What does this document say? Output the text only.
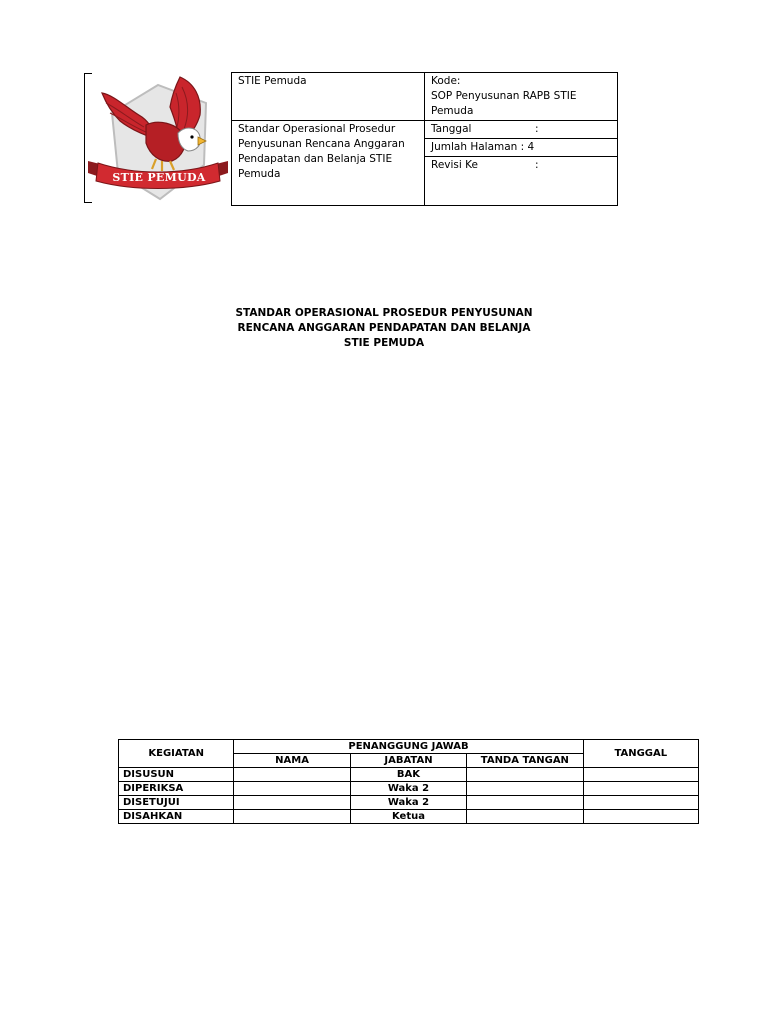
STIE PEMUDA
STIE Pemuda	Kode:
SOP Penyusunan RAPB STIE Pemuda

Standar Operasional Prosedur Penyusunan Rencana Anggaran Pendapatan dan Belanja STIE Pemuda	Tanggal :

	Jumlah Halaman : 4

	Revisi Ke :
STANDAR OPERASIONAL PROSEDUR PENYUSUNAN
RENCANA ANGGARAN PENDAPATAN DAN BELANJA
STIE PEMUDA
KEGIATAN	PENANGGUNG JAWAB			TANGGAL
	NAMA	JABATAN	TANDA TANGAN	
DISUSUN		BAK		
DIPERIKSA		Waka 2		
DISETUJUI		Waka 2		
DISAHKAN		Ketua		
